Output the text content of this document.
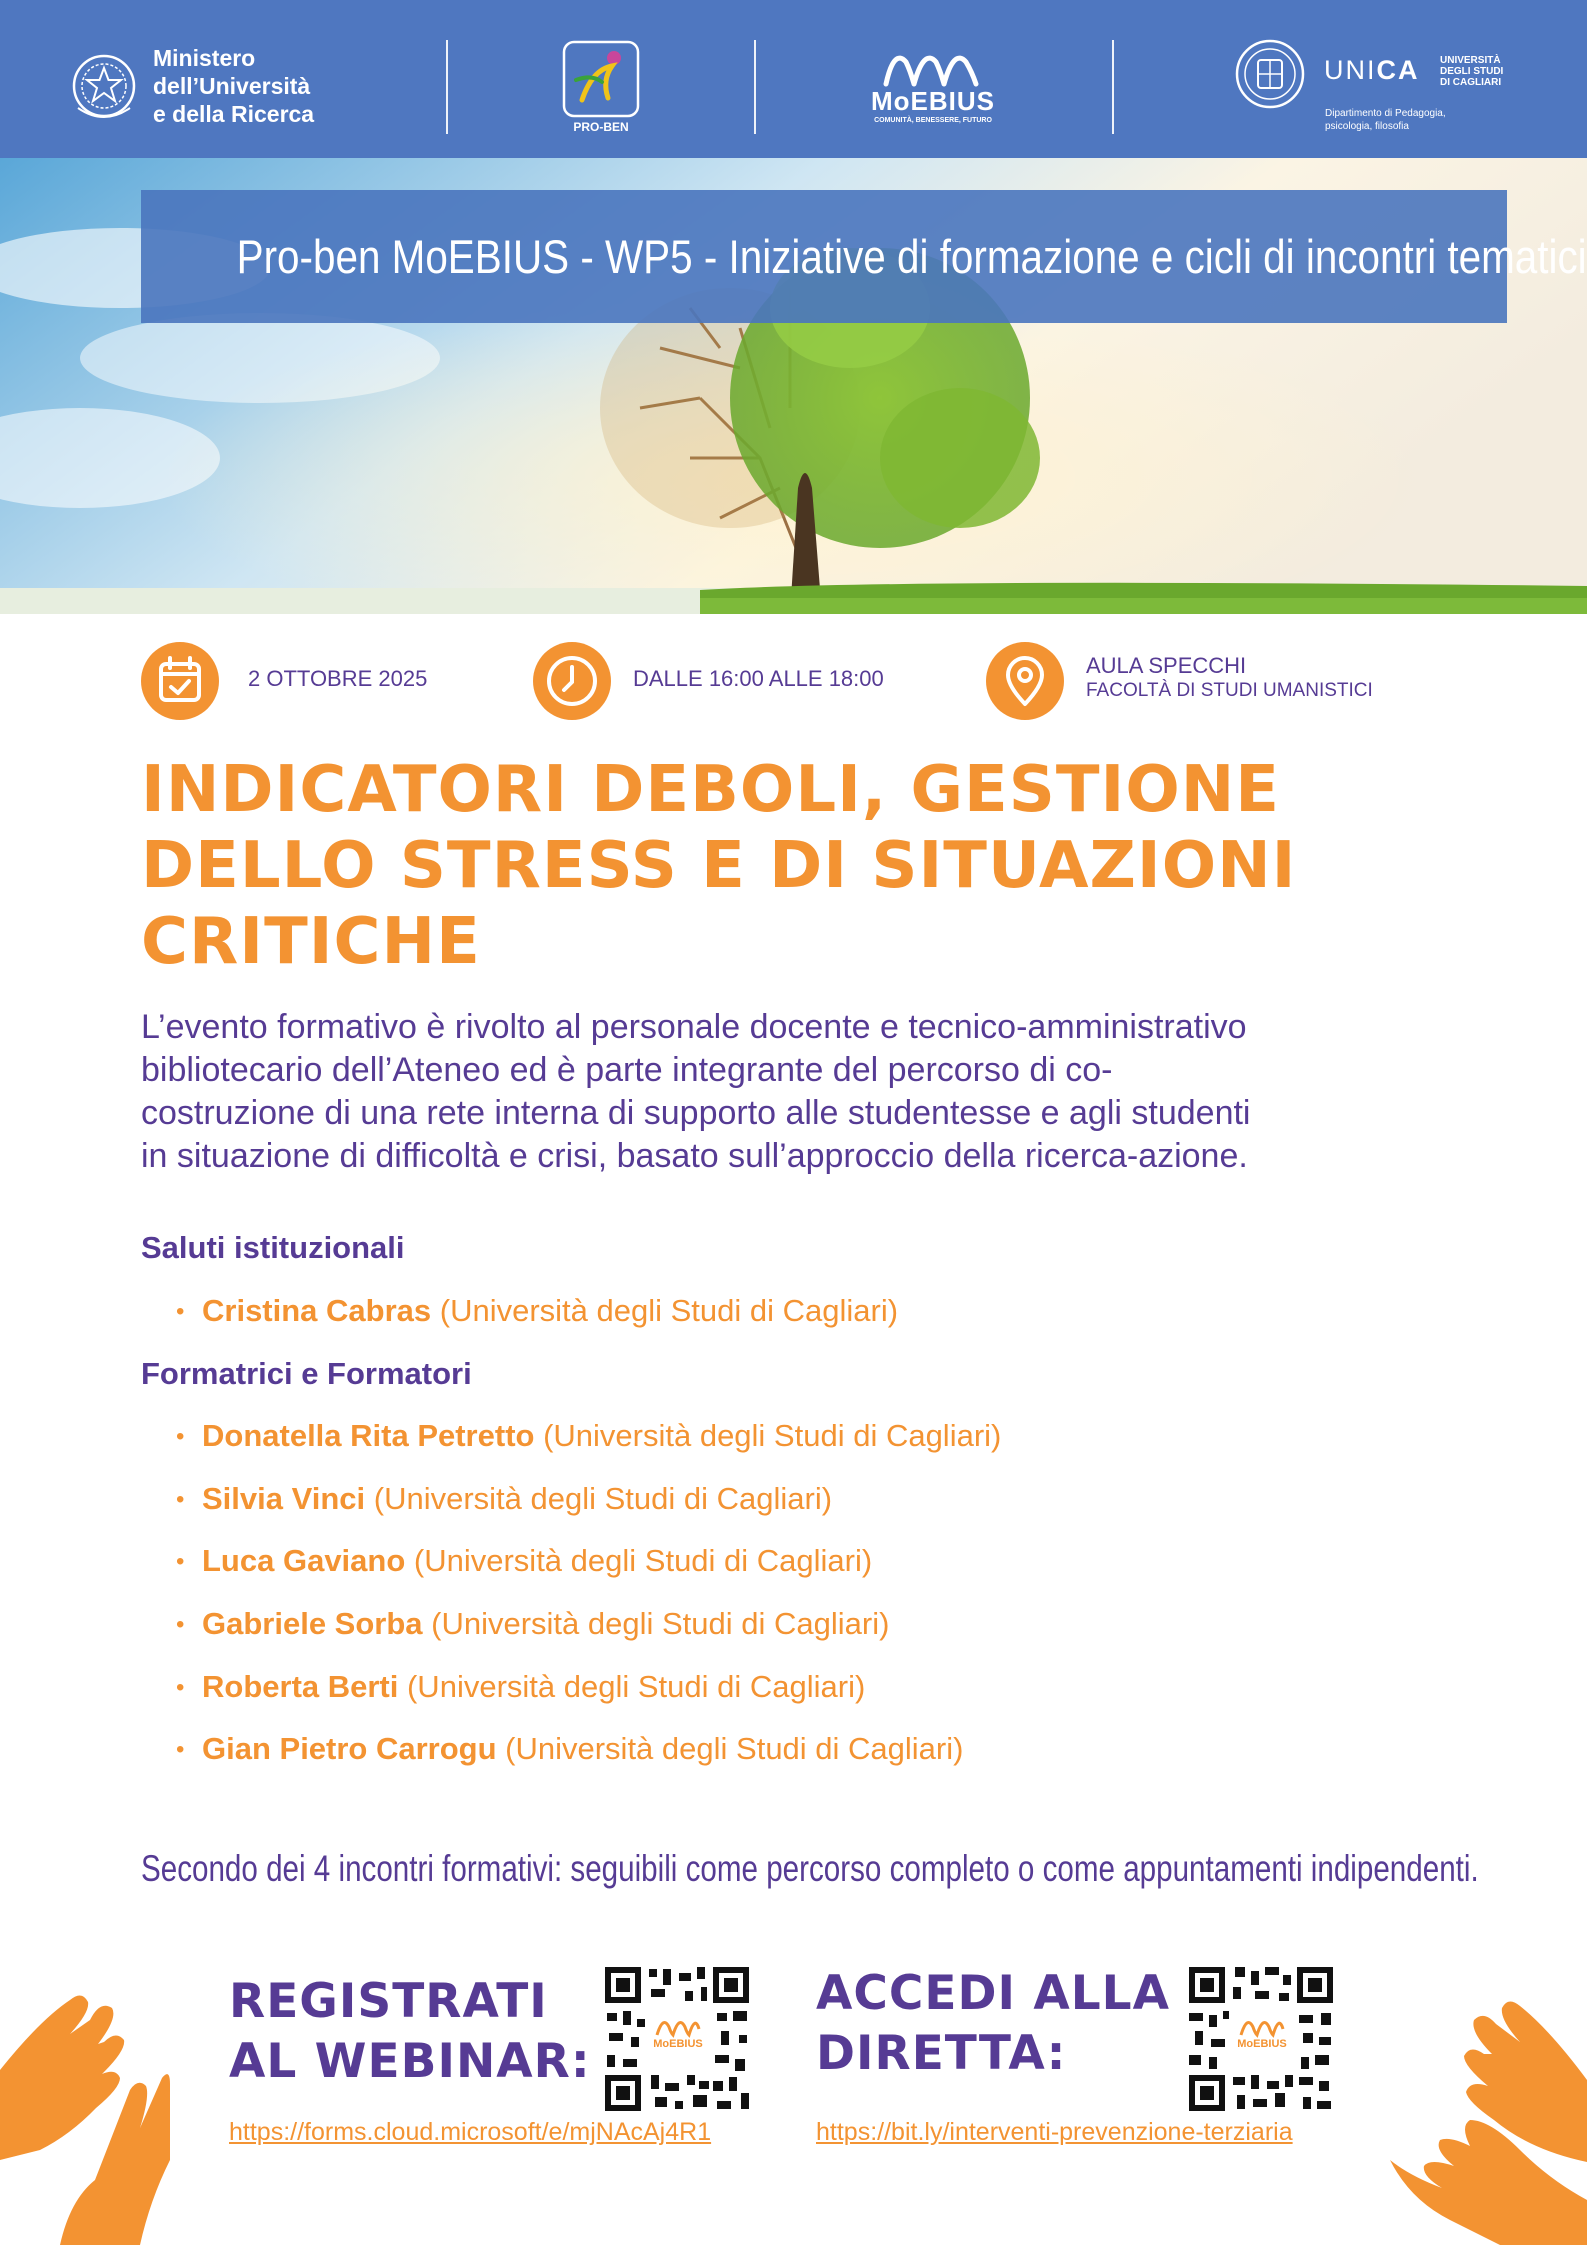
Ministero
dell’Università
e della Ricerca	PRO-BEN
MoEBIUS
COMUNITÀ, BENESSERE, FUTURO
UNICA UNIVERSITÀ
DEGLI STUDI
DI CAGLIARI
Dipartimento di Pedagogia,
psicologia, filosofia
Pro-ben MoEBIUS - WP5 - Iniziative di formazione e cicli di incontri tematici
2 OTTOBRE 2025	DALLE 16:00 ALLE 18:00
AULA SPECCHI
FACOLTÀ DI STUDI UMANISTICI
INDICATORI DEBOLI, GESTIONE
DELLO STRESS E DI SITUAZIONI
CRITICHE
L’evento formativo è rivolto al personale docente e tecnico-amministrativo
bibliotecario dell’Ateneo ed è parte integrante del percorso di co-
costruzione di una rete interna di supporto alle studentesse e agli studenti
in situazione di difficoltà e crisi, basato sull’approccio della ricerca-azione.
Saluti istituzionali
• Cristina Cabras (Università degli Studi di Cagliari)
Formatrici e Formatori
• Donatella Rita Petretto (Università degli Studi di Cagliari)
• Silvia Vinci (Università degli Studi di Cagliari)
• Luca Gaviano (Università degli Studi di Cagliari)
• Gabriele Sorba (Università degli Studi di Cagliari)
• Roberta Berti (Università degli Studi di Cagliari)
• Gian Pietro Carrogu (Università degli Studi di Cagliari)
Secondo dei 4 incontri formativi: seguibili come percorso completo o come appuntamenti indipendenti.
REGISTRATI
AL WEBINAR:	MoEBIUS
https://forms.cloud.microsoft/e/mjNAcAj4R1
ACCEDI ALLA
DIRETTA:	MoEBIUS
https://bit.ly/interventi-prevenzione-terziaria
